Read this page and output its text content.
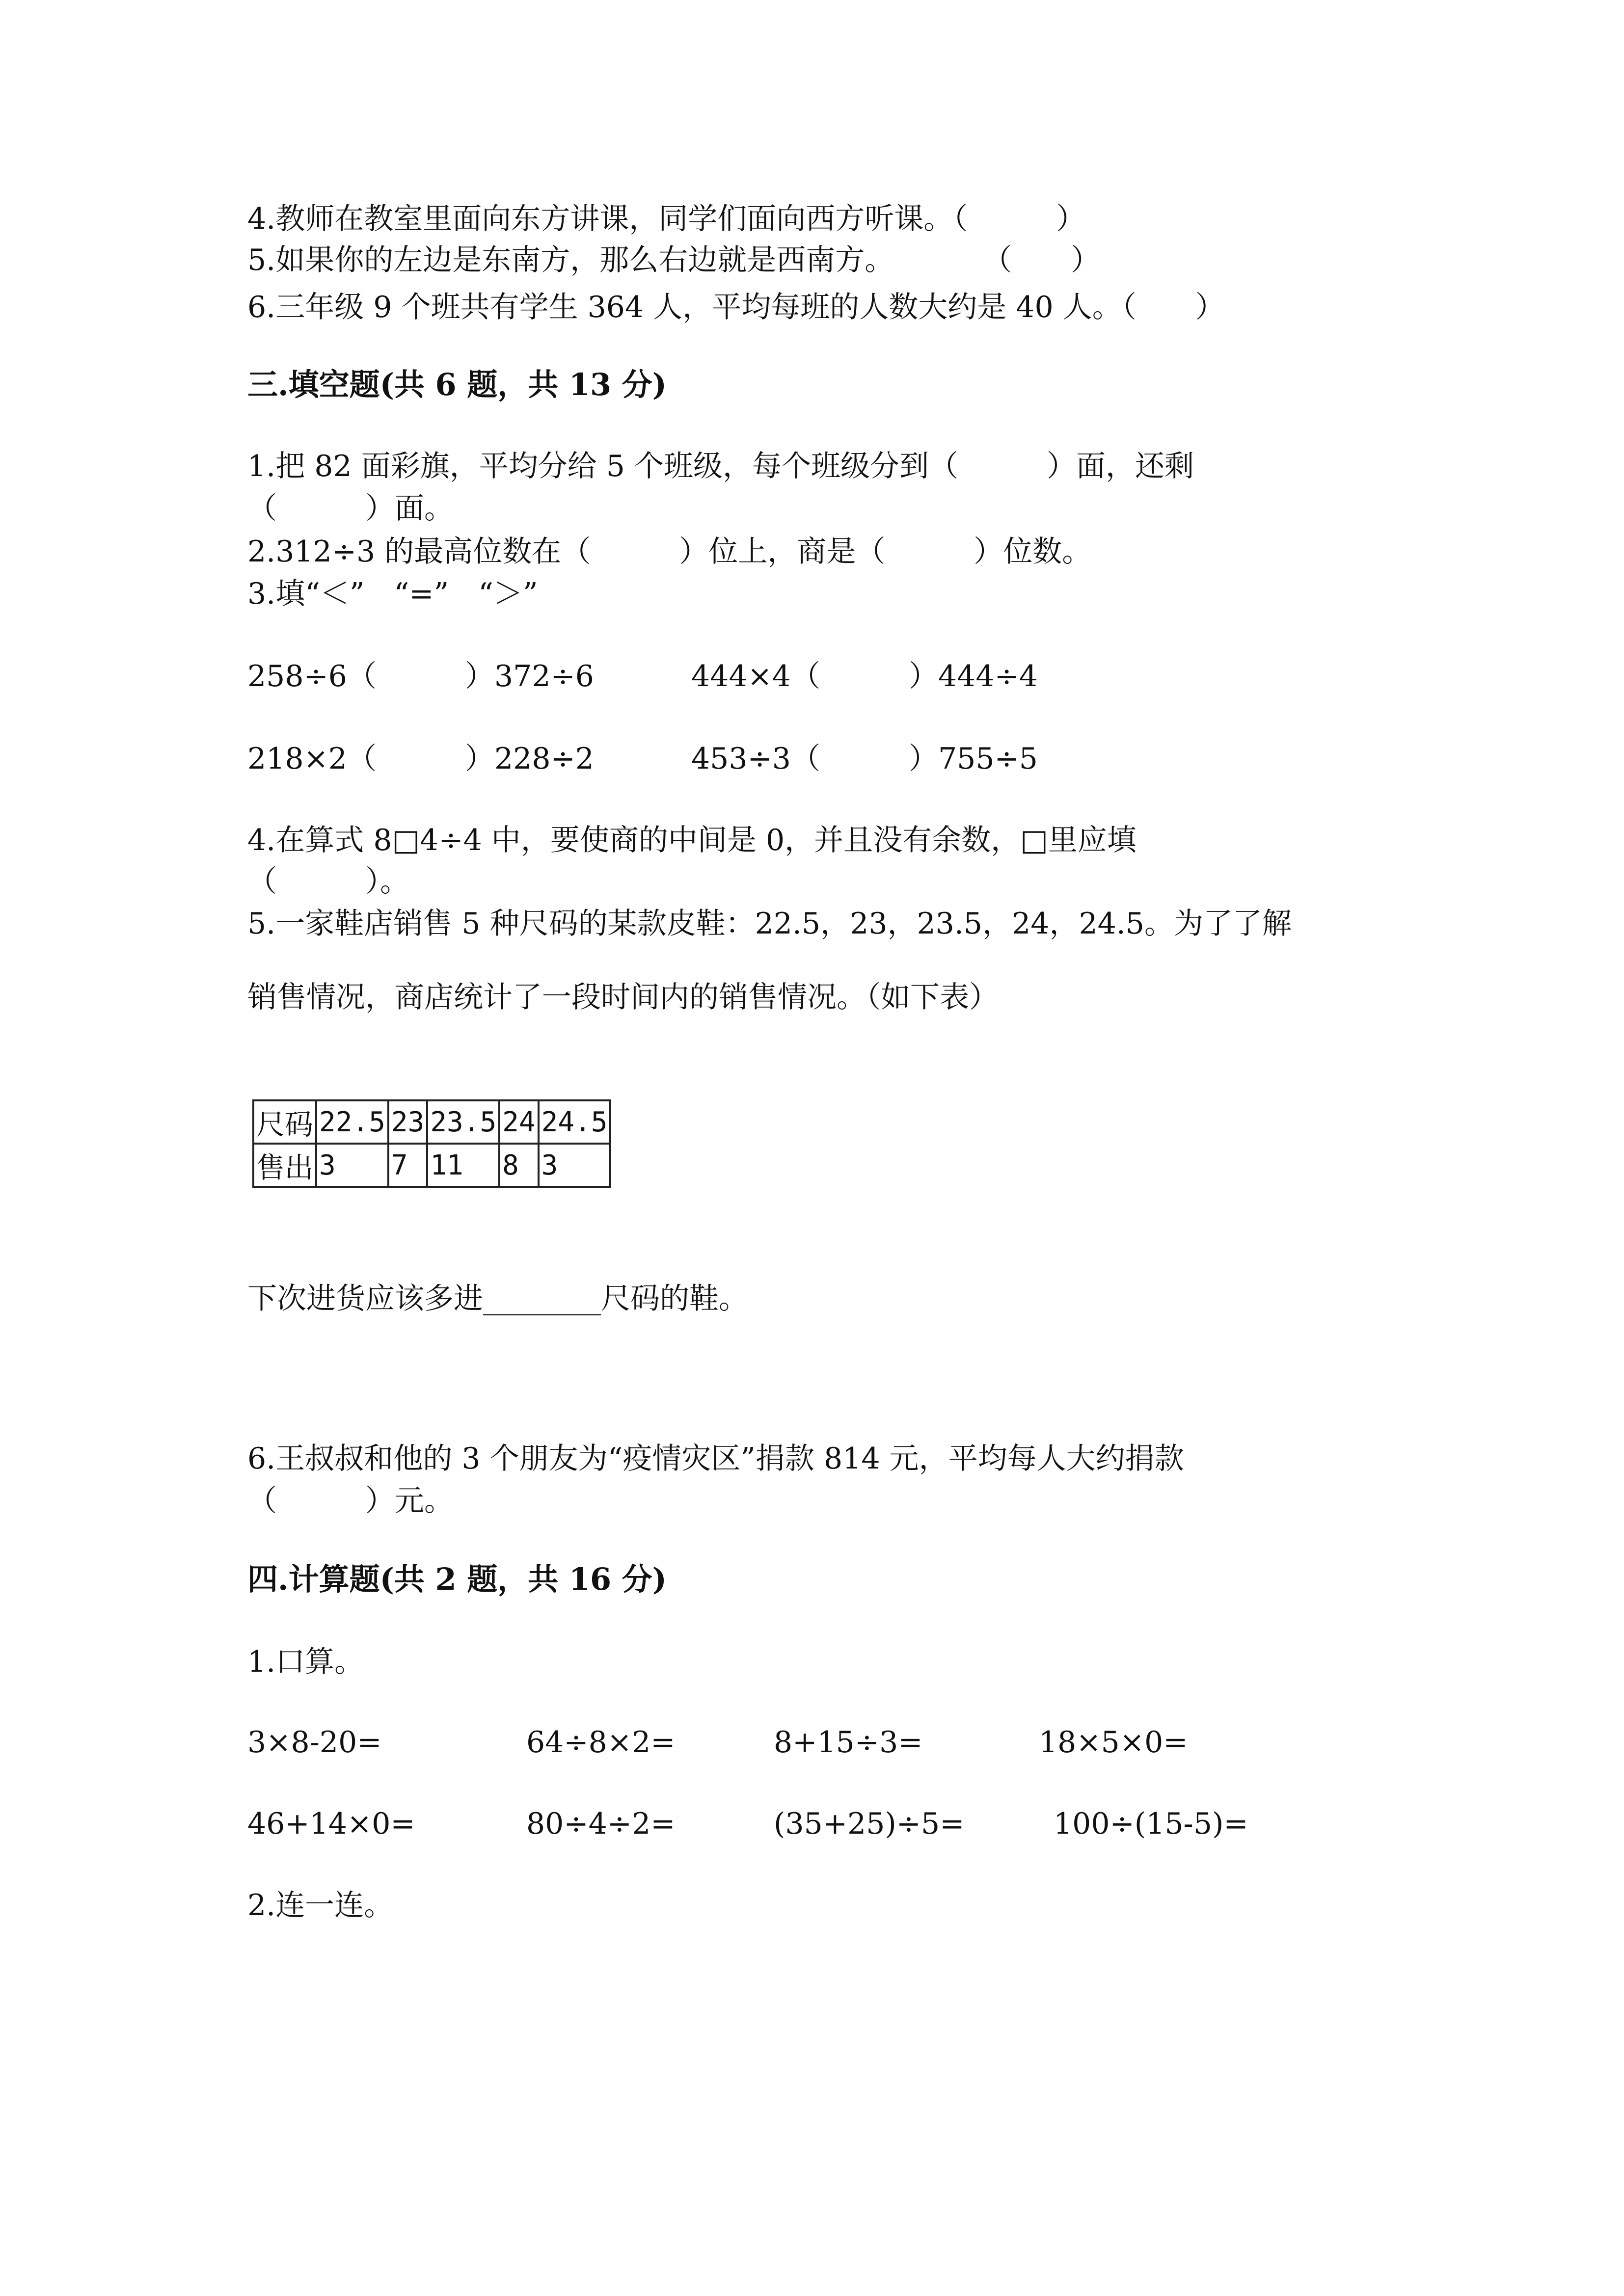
4.教师在教室里面向东方讲课，同学们面向西方听课。（　　　）
5.如果你的左边是东南方，那么右边就是西南方。　　　　（　　）
6.三年级 9 个班共有学生 364 人，平均每班的人数大约是 40 人。（　　）
三.填空题(共 6 题，共 13 分)
1.把 82 面彩旗，平均分给 5 个班级，每个班级分到（　　　）面，还剩
（　　　）面。
2.312÷3 的最高位数在（　　　）位上，商是（　　　）位数。
3.填“＜”　“=”　“＞”
258÷6（　　　）372÷6	444×4（　　　）444÷4
218×2（　　　）228÷2	453÷3（　　　）755÷5
4.在算式 8□4÷4 中，要使商的中间是 0，并且没有余数，□里应填
（　　　）。
5.一家鞋店销售 5 种尺码的某款皮鞋：22.5，23，23.5，24，24.5。为了了解
销售情况，商店统计了一段时间内的销售情况。（如下表）
尺码	22.5	23	23.5	24	24.5
售出	3	7	11	8	3
下次进货应该多进________尺码的鞋。
6.王叔叔和他的 3 个朋友为“疫情灾区”捐款 814 元，平均每人大约捐款
（　　　）元。
四.计算题(共 2 题，共 16 分)
1.口算。
3×8-20=	64÷8×2=	8+15÷3=	18×5×0=
46+14×0=	80÷4÷2=	(35+25)÷5=	100÷(15-5)=
2.连一连。
